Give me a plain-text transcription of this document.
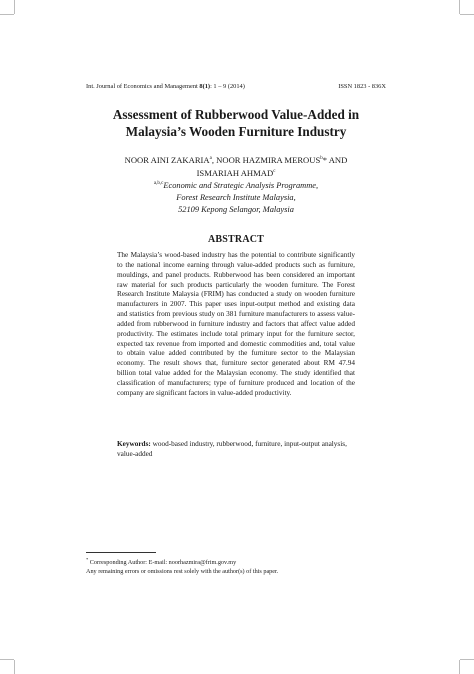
Int. Journal of Economics and Management 8(1): 1 – 9 (2014)	ISSN 1823 - 836X
Assessment of Rubberwood Value-Added in
Malaysia’s Wooden Furniture Industry
NOOR AINI ZAKARIA$^a$, NOOR HAZMIRA MEROUS$^b$* AND
ISMARIAH AHMAD$^c$
$^{a,b,c}$Economic and Strategic Analysis Programme,
Forest Research Institute Malaysia,
52109 Kepong Selangor, Malaysia
ABSTRACT

The Malaysia’s wood-based industry has the potential to contribute significantly to the national income earning through value-added products such as furniture, mouldings, and panel products. Rubberwood has been considered an important raw material for such products particularly the wooden furniture. The Forest Research Institute Malaysia (FRIM) has conducted a study on wooden furniture manufacturers in 2007. This paper uses input-output method and existing data and statistics from previous study on 381 furniture manufacturers to assess value-added from rubberwood in furniture industry and factors that affect value added productivity. The estimates include total primary input for the furniture sector, expected tax revenue from imported and domestic commodities and, total value to obtain value added contributed by the furniture sector to the Malaysian economy. The result shows that, furniture sector generated about RM 47.94 billion total value added for the Malaysian economy. The study identified that classification of manufacturers; type of furniture produced and location of the company are significant factors in value-added productivity.

Keywords: wood-based industry, rubberwood, furniture, input-output analysis, value-added

* Corresponding Author: E-mail: noorhazmira@frim.gov.my

Any remaining errors or omissions rest solely with the author(s) of this paper.
